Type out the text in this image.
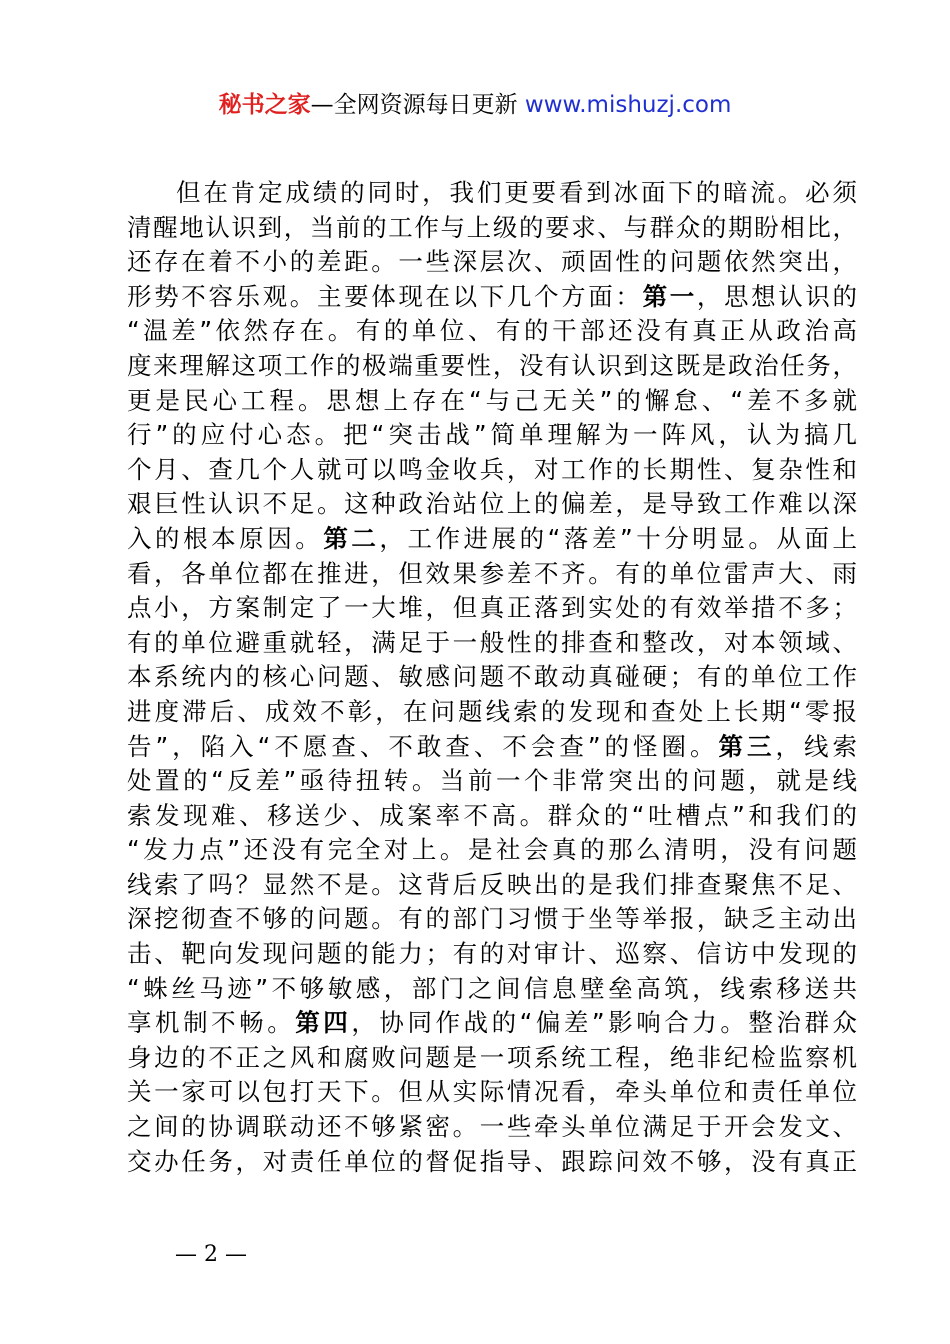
秘书之家—全网资源每日更新 www.mishuzj.com
但在肯定成绩的同时，我们更要看到冰面下的暗流。必须
清醒地认识到，当前的工作与上级的要求、与群众的期盼相比，
还存在着不小的差距。一些深层次、顽固性的问题依然突出，
形势不容乐观。主要体现在以下几个方面：第一，思想认识的
“温差”依然存在。有的单位、有的干部还没有真正从政治高
度来理解这项工作的极端重要性，没有认识到这既是政治任务，
更是民心工程。思想上存在“与己无关”的懈怠、“差不多就
行”的应付心态。把“突击战”简单理解为一阵风，认为搞几
个月、查几个人就可以鸣金收兵，对工作的长期性、复杂性和
艰巨性认识不足。这种政治站位上的偏差，是导致工作难以深
入的根本原因。第二，工作进展的“落差”十分明显。从面上
看，各单位都在推进，但效果参差不齐。有的单位雷声大、雨
点小，方案制定了一大堆，但真正落到实处的有效举措不多；
有的单位避重就轻，满足于一般性的排查和整改，对本领域、
本系统内的核心问题、敏感问题不敢动真碰硬；有的单位工作
进度滞后、成效不彰，在问题线索的发现和查处上长期“零报
告”，陷入“不愿查、不敢查、不会查”的怪圈。第三，线索
处置的“反差”亟待扭转。当前一个非常突出的问题，就是线
索发现难、移送少、成案率不高。群众的“吐槽点”和我们的
“发力点”还没有完全对上。是社会真的那么清明，没有问题
线索了吗？显然不是。这背后反映出的是我们排查聚焦不足、
深挖彻查不够的问题。有的部门习惯于坐等举报，缺乏主动出
击、靶向发现问题的能力；有的对审计、巡察、信访中发现的
“蛛丝马迹”不够敏感，部门之间信息壁垒高筑，线索移送共
享机制不畅。第四，协同作战的“偏差”影响合力。整治群众
身边的不正之风和腐败问题是一项系统工程，绝非纪检监察机
关一家可以包打天下。但从实际情况看，牵头单位和责任单位
之间的协调联动还不够紧密。一些牵头单位满足于开会发文、
交办任务，对责任单位的督促指导、跟踪问效不够，没有真正
— 2 —
